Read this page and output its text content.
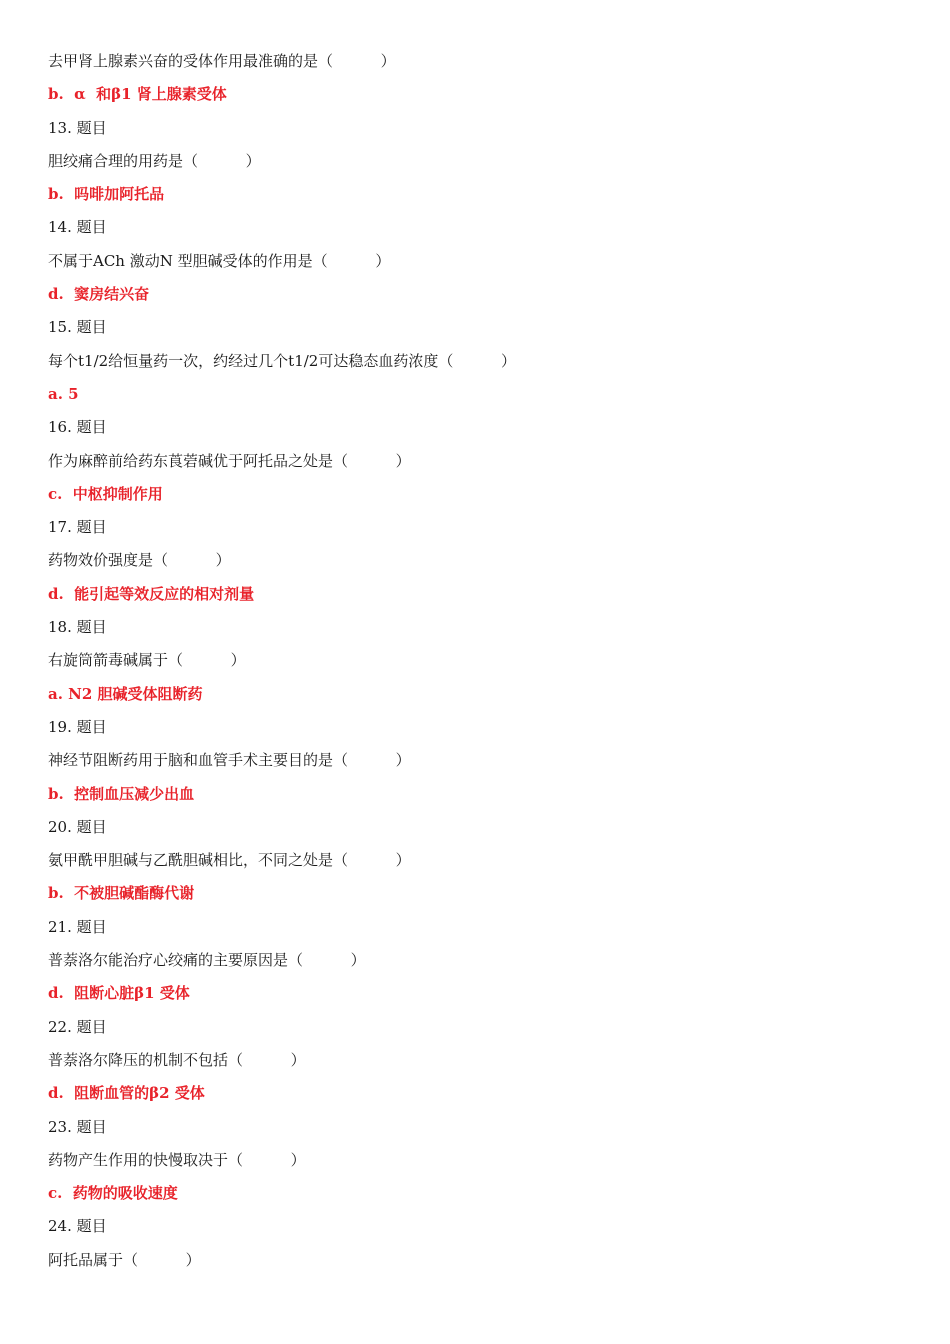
去甲肾上腺素兴奋的受体作用最准确的是（          ）
b.  α  和β1 肾上腺素受体
13. 题目
胆绞痛合理的用药是（          ）
b.  吗啡加阿托品
14. 题目
不属于ACh 激动N 型胆碱受体的作用是（          ）
d.  窦房结兴奋
15. 题目
每个t1/2给恒量药一次，约经过几个t1/2可达稳态血药浓度（          ）
a. 5
16. 题目
作为麻醉前给药东莨菪碱优于阿托品之处是（          ）
c.  中枢抑制作用
17. 题目
药物效价强度是（          ）
d.  能引起等效反应的相对剂量
18. 题目
右旋筒箭毒碱属于（          ）
a. N2 胆碱受体阻断药
19. 题目
神经节阻断药用于脑和血管手术主要目的是（          ）
b.  控制血压减少出血
20. 题目
氨甲酰甲胆碱与乙酰胆碱相比，不同之处是（          ）
b.  不被胆碱酯酶代谢
21. 题目
普萘洛尔能治疗心绞痛的主要原因是（          ）
d.  阻断心脏β1 受体
22. 题目
普萘洛尔降压的机制不包括（          ）
d.  阻断血管的β2 受体
23. 题目
药物产生作用的快慢取决于（          ）
c.  药物的吸收速度
24. 题目
阿托品属于（          ）
